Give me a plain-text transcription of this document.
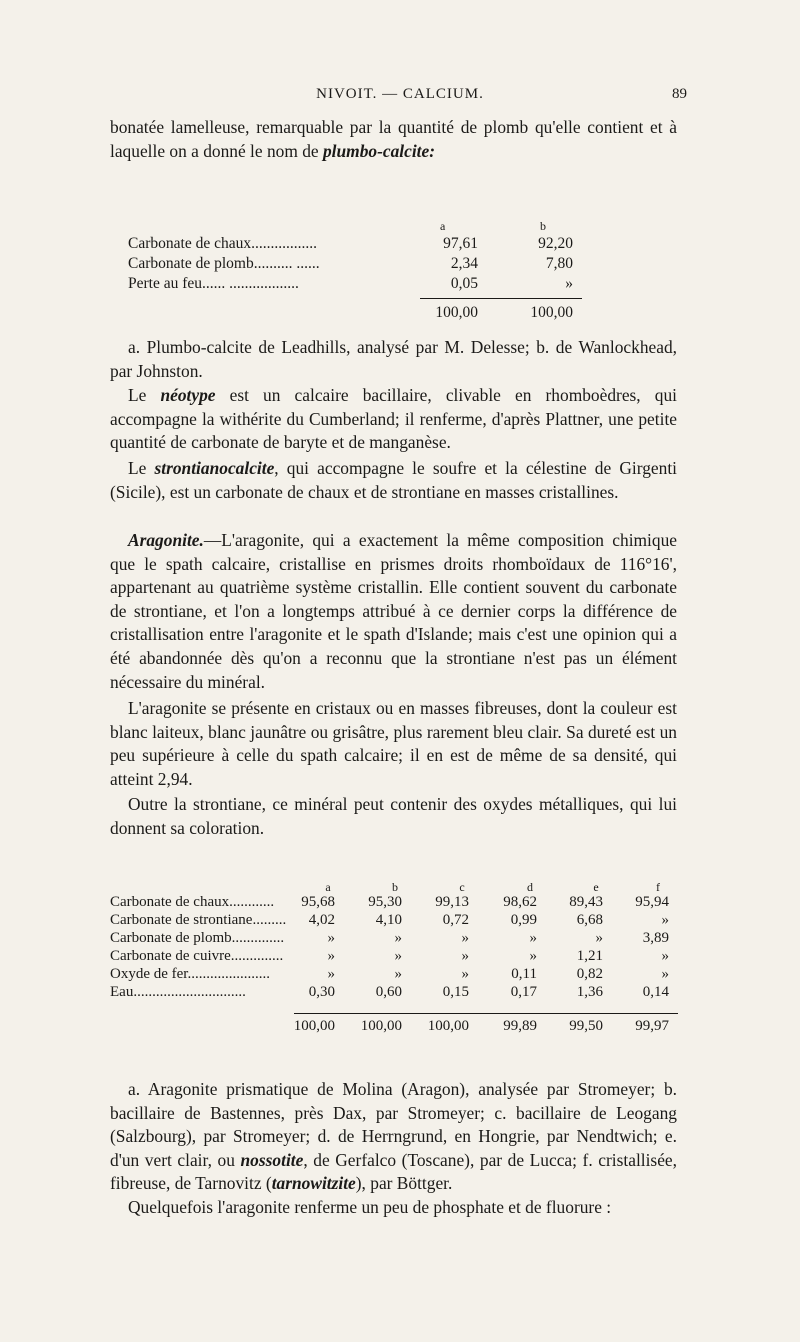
NIVOIT. — CALCIUM.	89

bonatée lamelleuse, remarquable par la quantité de plomb qu'elle contient et à laquelle on a donné le nom de plumbo-calcite:

a	b
Carbonate de chaux.................	97,61	92,20
Carbonate de plomb.......... ......	2,34	7,80
Perte au feu...... ..................	0,05	»
100,00	100,00

a. Plumbo-calcite de Leadhills, analysé par M. Delesse; b. de Wanlockhead, par Johnston.

Le néotype est un calcaire bacillaire, clivable en rhomboèdres, qui accompagne la withérite du Cumberland; il renferme, d'après Plattner, une petite quantité de carbonate de baryte et de manganèse.

Le strontianocalcite, qui accompagne le soufre et la célestine de Girgenti (Sicile), est un carbonate de chaux et de strontiane en masses cristallines.

Aragonite.—L'aragonite, qui a exactement la même composition chimique que le spath calcaire, cristallise en prismes droits rhomboïdaux de 116°16', appartenant au quatrième système cristallin. Elle contient souvent du carbonate de strontiane, et l'on a longtemps attribué à ce dernier corps la différence de cristallisation entre l'aragonite et le spath d'Islande; mais c'est une opinion qui a été abandonnée dès qu'on a reconnu que la strontiane n'est pas un élément nécessaire du minéral.

L'aragonite se présente en cristaux ou en masses fibreuses, dont la couleur est blanc laiteux, blanc jaunâtre ou grisâtre, plus rarement bleu clair. Sa dureté est un peu supérieure à celle du spath calcaire; il en est de même de sa densité, qui atteint 2,94.

Outre la strontiane, ce minéral peut contenir des oxydes métalliques, qui lui donnent sa coloration.

a	b	c	d	e	f
Carbonate de chaux............	95,68	95,30	99,13	98,62	89,43	95,94
Carbonate de strontiane.........	4,02	4,10	0,72	0,99	6,68	»
Carbonate de plomb..............	»	»	»	»	»	3,89
Carbonate de cuivre..............	»	»	»	»	1,21	»
Oxyde de fer......................	»	»	»	0,11	0,82	»
Eau..............................	0,30	0,60	0,15	0,17	1,36	0,14
100,00	100,00	100,00	99,89	99,50	99,97

a. Aragonite prismatique de Molina (Aragon), analysée par Stromeyer; b. bacillaire de Bastennes, près Dax, par Stromeyer; c. bacillaire de Leogang (Salzbourg), par Stromeyer; d. de Herrngrund, en Hongrie, par Nendtwich; e. d'un vert clair, ou nossotite, de Gerfalco (Toscane), par de Lucca; f. cristallisée, fibreuse, de Tarnovitz (tarnowitzite), par Böttger.

Quelquefois l'aragonite renferme un peu de phosphate et de fluorure :
